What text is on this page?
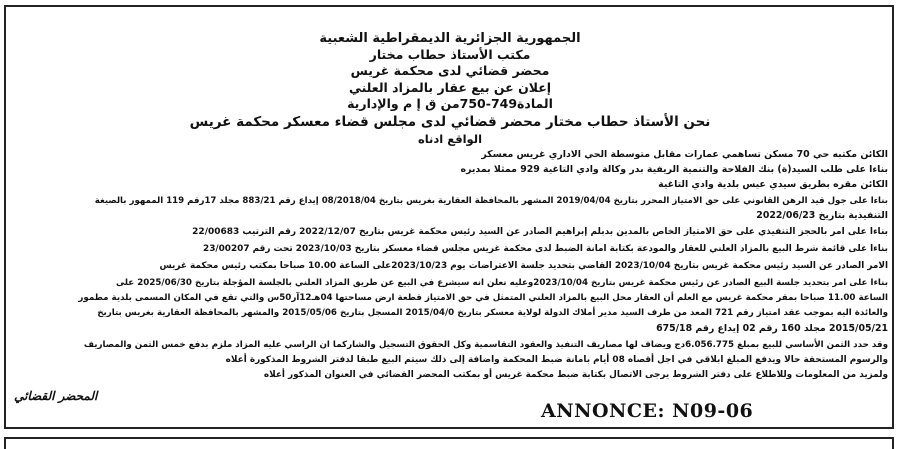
الجمهورية الجزائرية الديمقراطية الشعبية
مكتب الأستاذ حطاب مختار
محضر قضائي لدى محكمة غريس
إعلان عن بيع عقار بالمزاد العلني
المادة749-750من ق إ م والإدارية
نحن الأستاذ حطاب مختار محضر قضائي لدى مجلس قضاء معسكر محكمة غريس
الواقع ادناه
الكائن مكتبه حي 70 مسكن تساهمي عمارات مقابل متوسطة الحي الاداري غريس معسكر
بناءا على طلب السيد(ة) بنك الفلاحة والتنمية الريفية بدر وكالة وادي التاغية 929 ممثلا بمديره
الكائن مقره بطريق سيدي عيس بلدية وادي التاغية
بناءا على جول قيد الرهن القانوني على حق الامتياز المحرر بتاريخ 2019/04/04 المشهر بالمحافظة العقارية بغريس بتاريخ 08/2018/04 إيداع رقم 883/21 مجلد 17رقم 119 الممهور بالصيغة
التنفيذية بتاريخ 2022/06/23
بناءا على امر بالحجز التنفيذي على حق الامتياز الخاص بالمدين بدبلم إبراهيم الصادر عن السيد رئيس محكمة غريس بتاريخ 2022/12/07 رقم الترتيب 22/00683
بناءا على قائمة شرط البيع بالمزاد العلني للعقار والمودعة بكتابة امانة الضبط لدى محكمة غريس مجلس قضاء معسكر بتاريخ 2023/10/03 تحت رقم 23/00207
الامر الصادر عن السيد رئيس محكمة غريس بتاريخ 2023/10/04 القاضي بتحديد جلسة الاعتراضات يوم 2023/10/23على الساعة 10.00 صباحا بمكتب رئيس محكمة غريس
بناءا على امر بتحديد جلسة البيع الصادر عن رئيس محكمة غريس بتاريخ 2023/10/04وعليه نعلن انه سيشرع في البيع عن طريق المزاد العلني بالجلسة المؤجلة بتاريخ 2025/06/30 على
الساعة 11.00 صباحا بمقر محكمة غريس مع العلم أن العقار محل البيع بالمزاد العلني المتمثل في حق الامتياز قطعة ارض مساحتها 04هـ12آر50س والتي تقع في المكان المسمى بلدية مطمور
والعائدة اليه بموجب عقد امتياز رقم 721 المعد من طرف السيد مدير أملاك الدولة لولاية معسكر بتاريخ 2015/04/0 المسجل بتاريخ 2015/05/06 والمشهر بالمحافظة العقارية بغريس بتاريخ
2015/05/21 مجلد 160 رقم 02 إيداع رقم 675/18
وقد حدد الثمن الأساسي للبيع بمبلغ 6.056.775دج ويضاف لها مصاريف التنفيذ والعقود التقاسمية وكل الحقوق التسجيل والشاركما ان الراسي عليه المزاد ملزم بدفع خمس الثمن والمصاريف
والرسوم المستحقة حالا ويدفع المبلغ ابلاقي في اجل أقصاه 08 أيام بامانة ضبط المحكمة واضافة إلى ذلك سيتم البيع طبقا لدفتر الشروط المذكورة أعلاه
ولمزيد من المعلومات وللاطلاع على دفتر الشروط يرجى الاتصال بكتابة ضبط محكمة غريس أو بمكتب المحضر القضائي في العنوان المذكور أعلاه
المحضر القضائي
ANNONCE: N09-06
